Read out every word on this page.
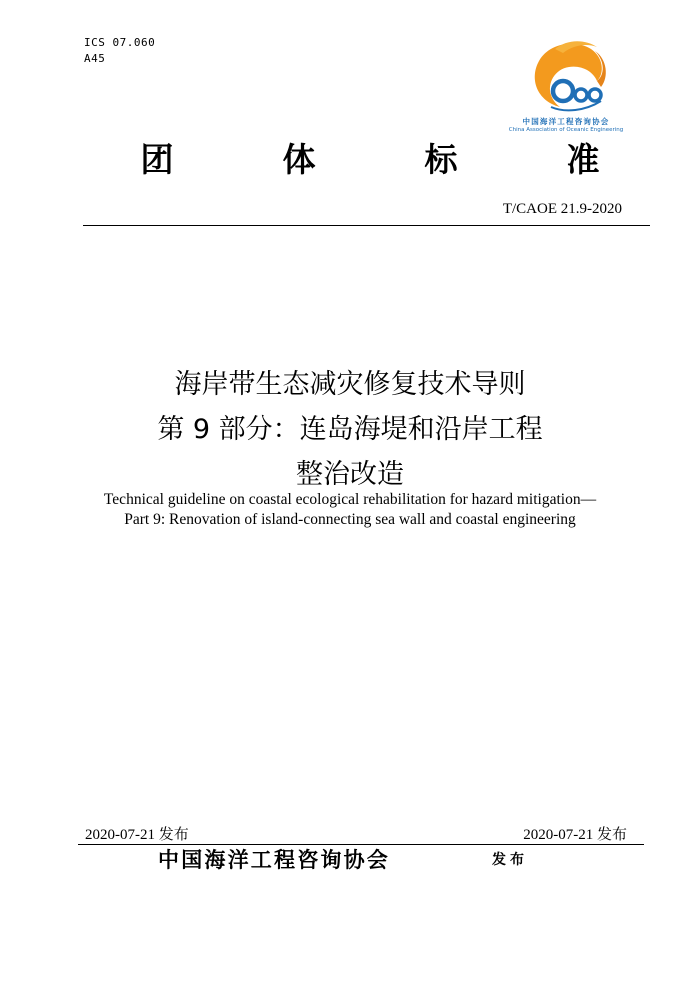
ICS 07.060
A45
中国海洋工程咨询协会
China Association of Oceanic Engineering
团	体	标	准
T/CAOE 21.9-2020
海岸带生态减灾修复技术导则
第 9 部分：连岛海堤和沿岸工程
整治改造
Technical guideline on coastal ecological rehabilitation for hazard mitigation—
Part 9: Renovation of island-connecting sea wall and coastal engineering
2020-07-21 发布	2020-07-21 发布
中国海洋工程咨询协会	发布
